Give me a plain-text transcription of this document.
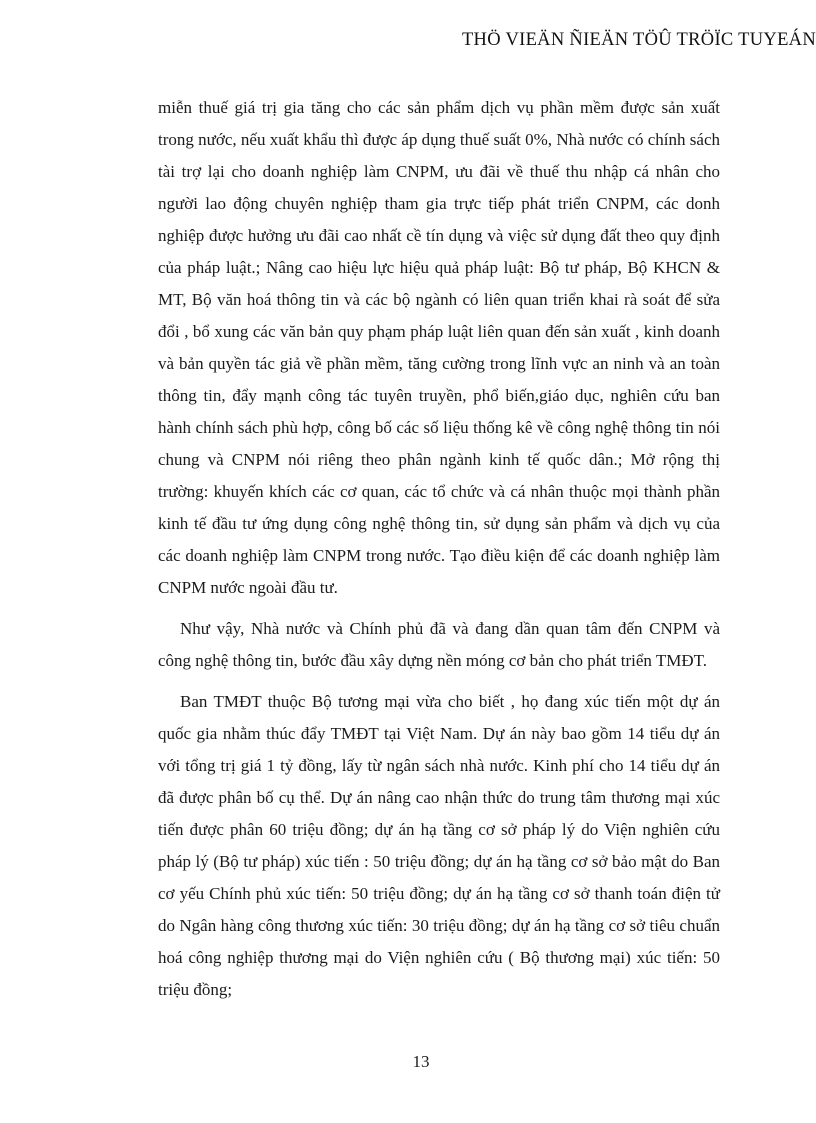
THÖ VIEÄN ÑIEÄN TÖÛ TRÖÏC TUYEÁN

miễn thuế giá trị gia tăng cho các sản phẩm dịch vụ phần mềm được sản xuất trong nước, nếu xuất khẩu thì được áp dụng thuế suất 0%, Nhà nước có chính sách tài trợ lại cho doanh nghiệp làm CNPM, ưu đãi về thuế thu nhập cá nhân cho người lao động chuyên nghiệp tham gia trực tiếp phát triển CNPM, các donh nghiệp được hưởng ưu đãi cao nhất cề tín dụng và việc sử dụng đất theo quy định của pháp luật.; Nâng cao hiệu lực hiệu quả pháp luật: Bộ tư pháp, Bộ KHCN & MT, Bộ văn hoá thông tin và các bộ ngành có liên quan triển khai rà soát để sửa đổi , bổ xung các văn bản quy phạm pháp luật liên quan đến sản xuất , kinh doanh và bản quyền tác giả về phần mềm, tăng cường trong lĩnh vực an ninh và an toàn thông tin, đẩy mạnh công tác tuyên truyền, phổ biến,giáo dục, nghiên cứu ban hành chính sách phù hợp, công bố các số liệu thống kê về công nghệ thông tin nói chung và CNPM nói riêng theo phân ngành kinh tế quốc dân.; Mở rộng thị trường: khuyến khích các cơ quan, các tổ chức và cá nhân thuộc mọi thành phần kinh tế đầu tư ứng dụng công nghệ thông tin, sử dụng sản phẩm và dịch vụ của các doanh nghiệp làm CNPM trong nước. Tạo điều kiện để các doanh nghiệp làm CNPM nước ngoài đầu tư.

Như vậy, Nhà nước và Chính phủ đã và đang dần quan tâm đến CNPM và công nghệ thông tin, bước đầu xây dựng nền móng cơ bản cho phát triển TMĐT.

Ban TMĐT thuộc Bộ tương mại vừa cho biết , họ đang xúc tiến một dự án quốc gia nhằm thúc đẩy TMĐT tại Việt Nam. Dự án này bao gồm 14 tiểu dự án với tổng trị giá 1 tỷ đồng, lấy từ ngân sách nhà nước. Kinh phí cho 14 tiểu dự án đã được phân bố cụ thể. Dự án nâng cao nhận thức do trung tâm thương mại xúc tiến được phân 60 triệu đồng; dự án hạ tầng cơ sở pháp lý do Viện nghiên cứu pháp lý (Bộ tư pháp) xúc tiến : 50 triệu đồng; dự án hạ tầng cơ sở bảo mật do Ban cơ yếu Chính phủ xúc tiến: 50 triệu đồng; dự án hạ tầng cơ sở thanh toán điện tử do Ngân hàng công thương xúc tiến: 30 triệu đồng; dự án hạ tầng cơ sở tiêu chuẩn hoá công nghiệp thương mại do Viện nghiên cứu ( Bộ thương mại) xúc tiến: 50 triệu đồng;

13
